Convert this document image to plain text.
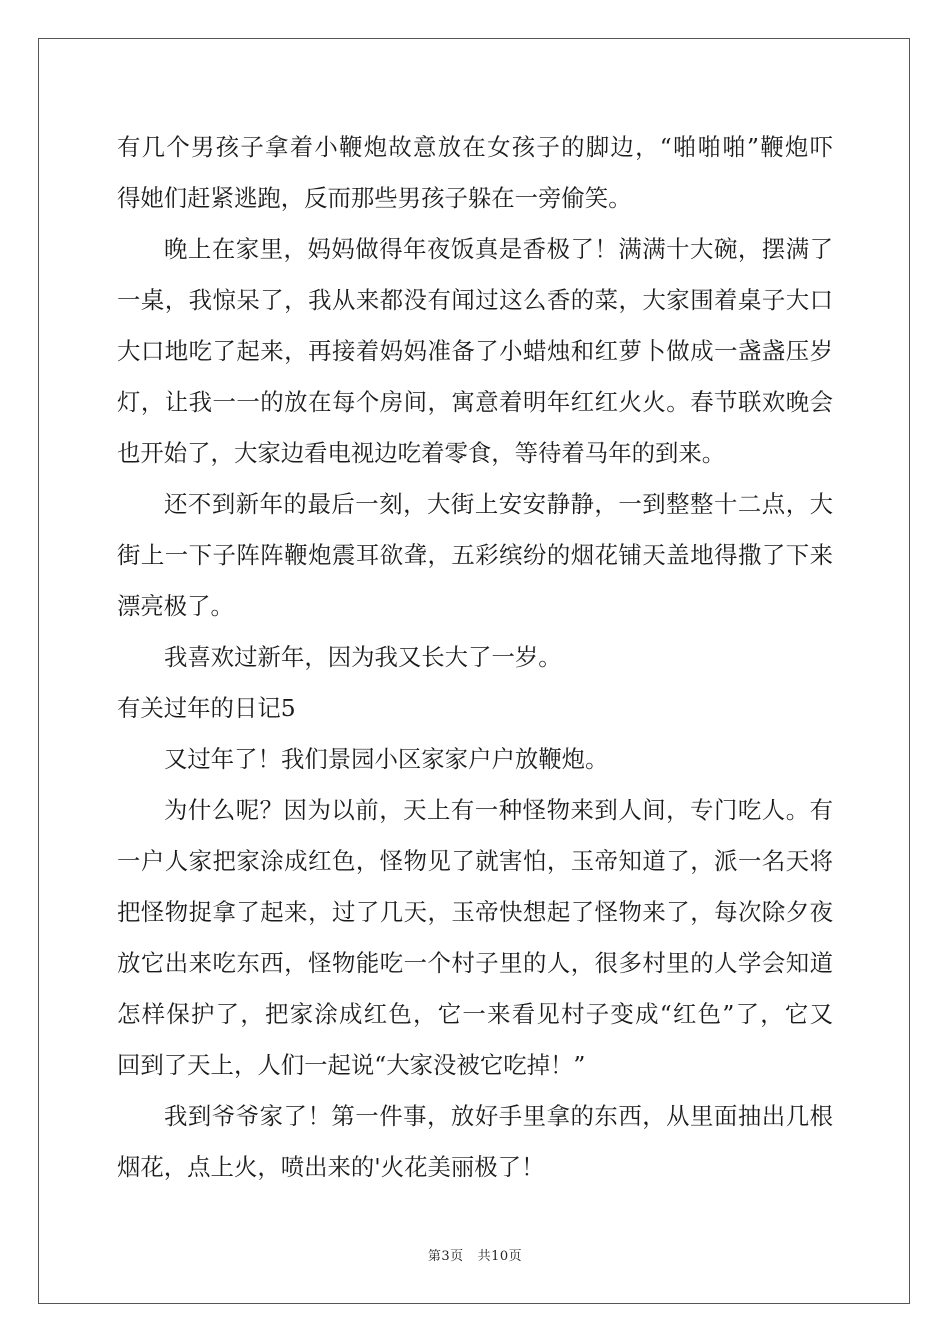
有几个男孩子拿着小鞭炮故意放在女孩子的脚边，“啪啪啪”鞭炮吓
得她们赶紧逃跑，反而那些男孩子躲在一旁偷笑。
晚上在家里，妈妈做得年夜饭真是香极了！满满十大碗，摆满了
一桌，我惊呆了，我从来都没有闻过这么香的菜，大家围着桌子大口
大口地吃了起来，再接着妈妈准备了小蜡烛和红萝卜做成一盏盏压岁
灯，让我一一的放在每个房间，寓意着明年红红火火。春节联欢晚会
也开始了，大家边看电视边吃着零食，等待着马年的到来。
还不到新年的最后一刻，大街上安安静静，一到整整十二点，大
街上一下子阵阵鞭炮震耳欲聋，五彩缤纷的烟花铺天盖地得撒了下来
漂亮极了。
我喜欢过新年，因为我又长大了一岁。
有关过年的日记5
又过年了！我们景园小区家家户户放鞭炮。
为什么呢？因为以前，天上有一种怪物来到人间，专门吃人。有
一户人家把家涂成红色，怪物见了就害怕，玉帝知道了，派一名天将
把怪物捉拿了起来，过了几天，玉帝快想起了怪物来了，每次除夕夜
放它出来吃东西，怪物能吃一个村子里的人，很多村里的人学会知道
怎样保护了，把家涂成红色，它一来看见村子变成“红色”了，它又
回到了天上，人们一起说“大家没被它吃掉！”
我到爷爷家了！第一件事，放好手里拿的东西，从里面抽出几根
烟花，点上火，喷出来的'火花美丽极了！
第3页 共10页
